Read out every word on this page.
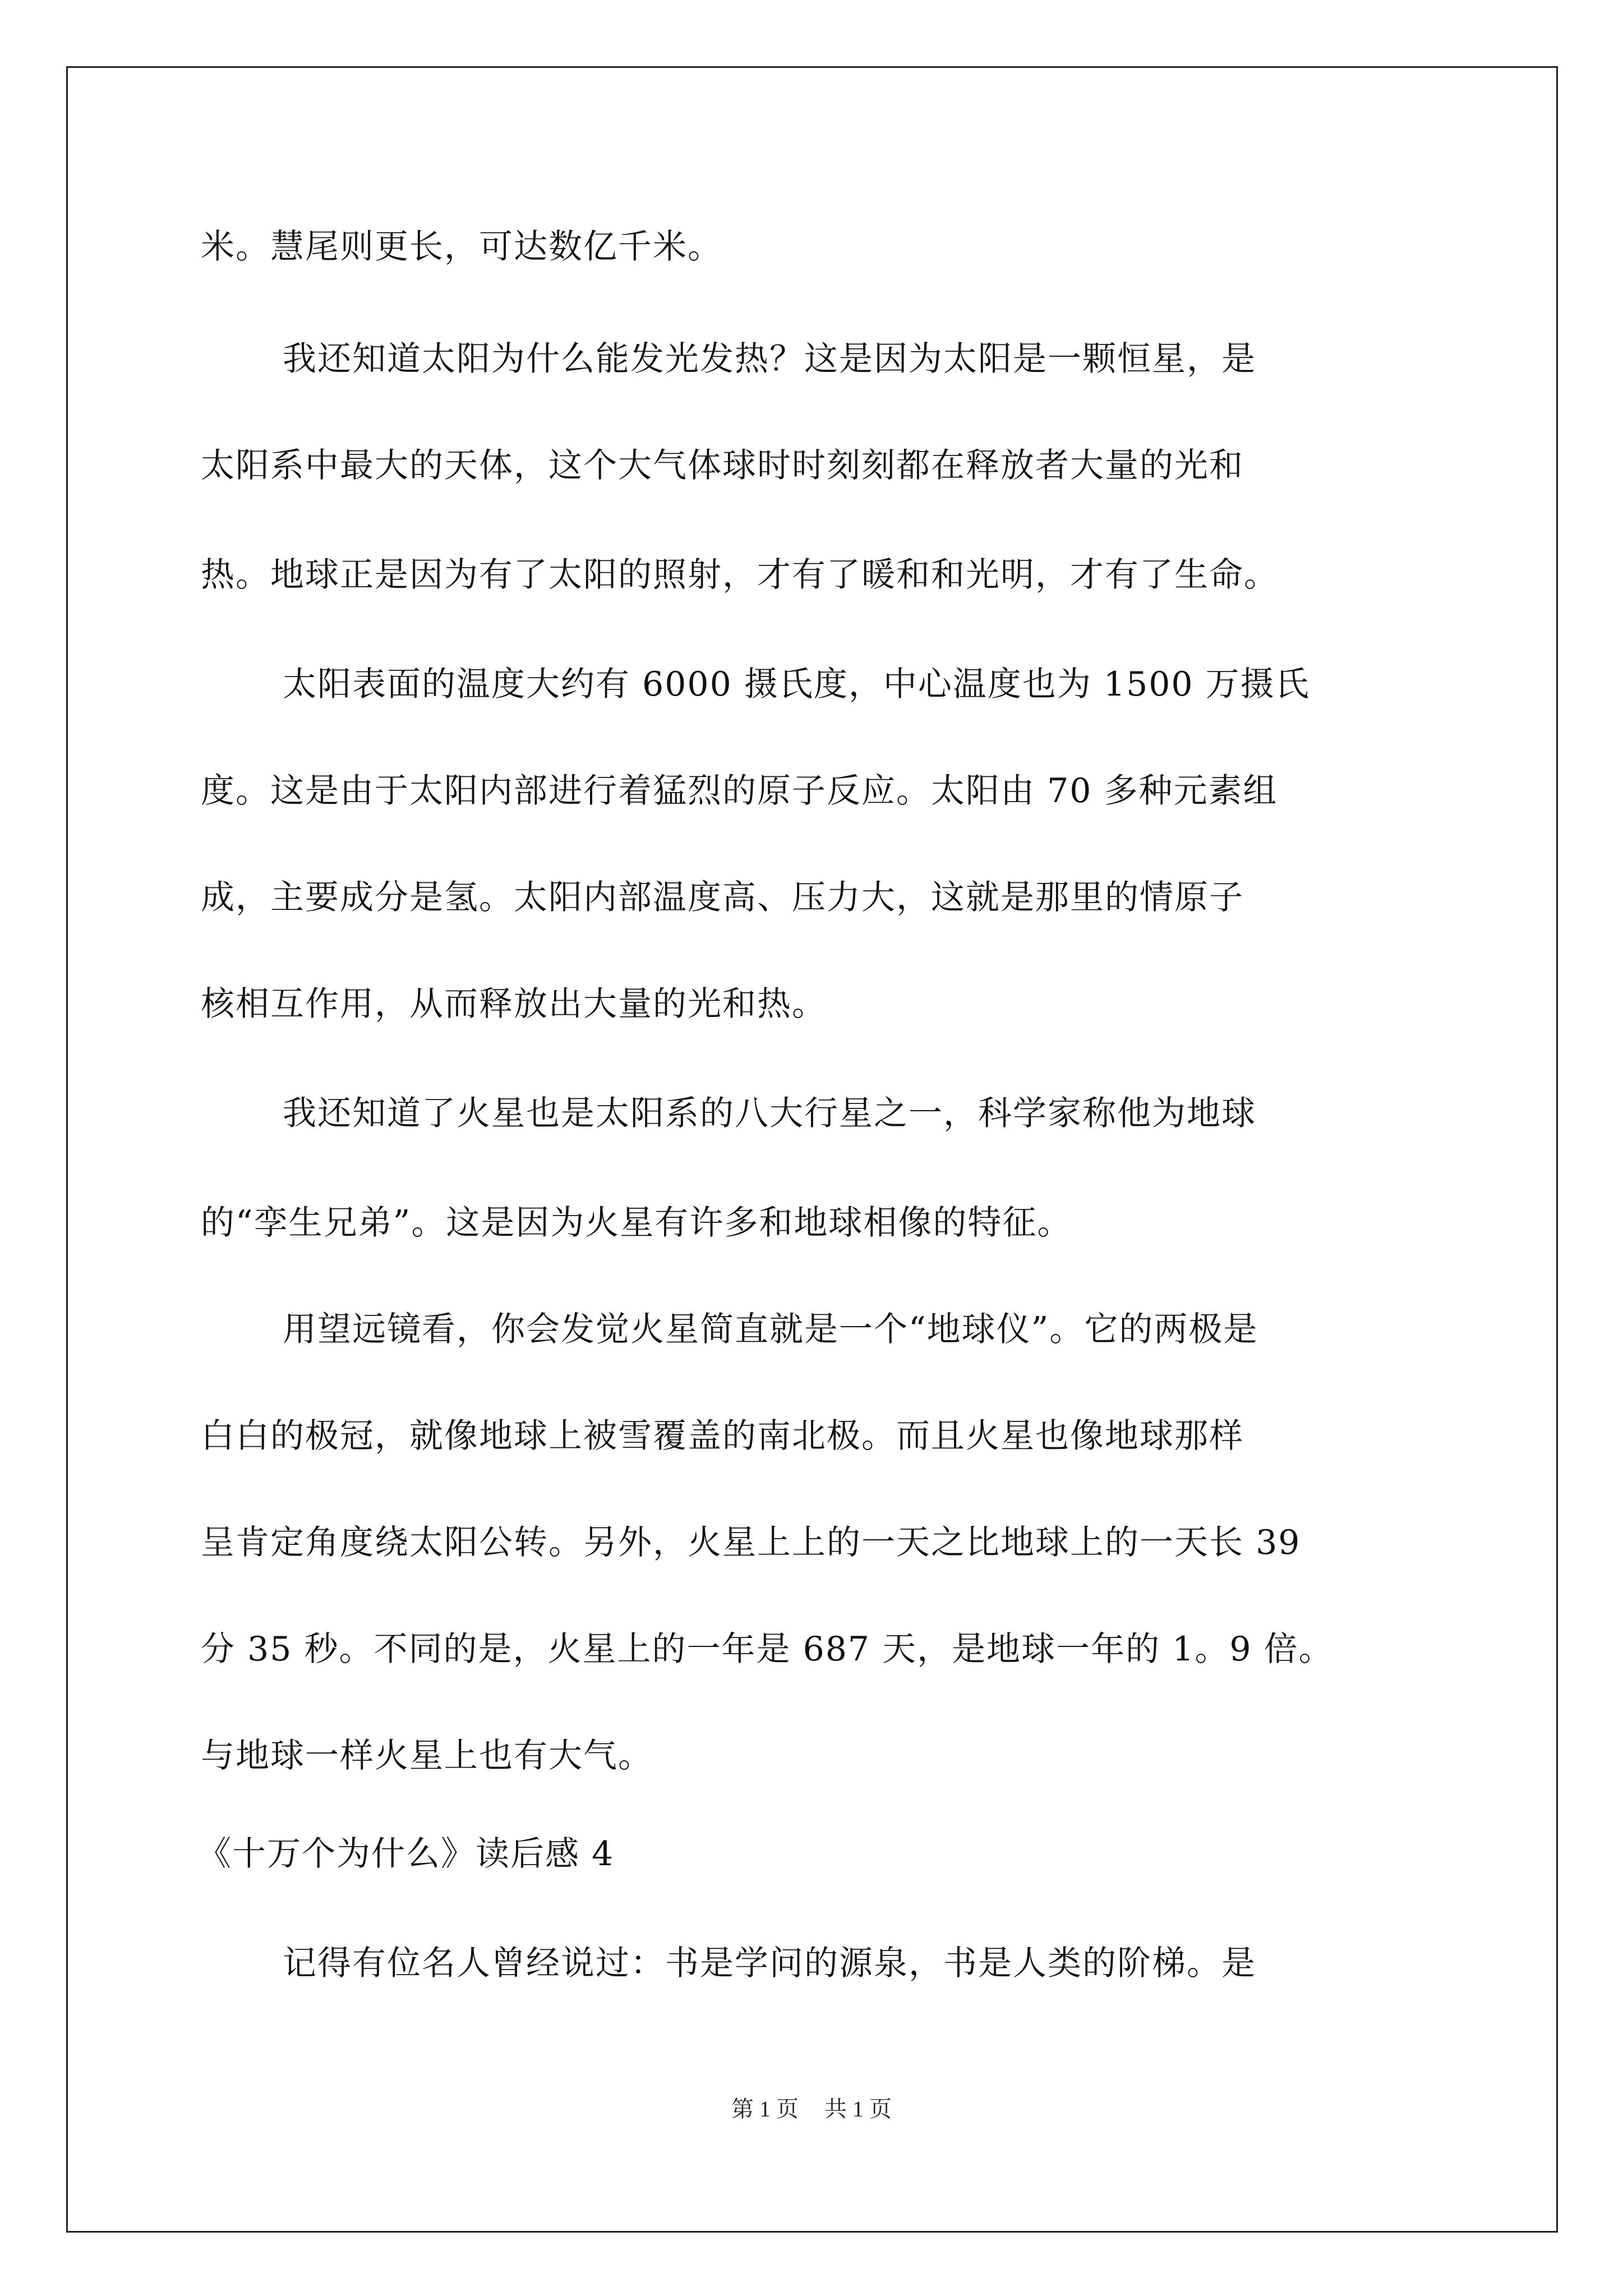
米。慧尾则更长，可达数亿千米。
我还知道太阳为什么能发光发热？这是因为太阳是一颗恒星，是
太阳系中最大的天体，这个大气体球时时刻刻都在释放者大量的光和
热。地球正是因为有了太阳的照射，才有了暖和和光明，才有了生命。
太阳表面的温度大约有 6000 摄氏度，中心温度也为 1500 万摄氏
度。这是由于太阳内部进行着猛烈的原子反应。太阳由 70 多种元素组
成，主要成分是氢。太阳内部温度高、压力大，这就是那里的情原子
核相互作用，从而释放出大量的光和热。
我还知道了火星也是太阳系的八大行星之一，科学家称他为地球
的“孪生兄弟”。这是因为火星有许多和地球相像的特征。
用望远镜看，你会发觉火星简直就是一个“地球仪”。它的两极是
白白的极冠，就像地球上被雪覆盖的南北极。而且火星也像地球那样
呈肯定角度绕太阳公转。另外，火星上上的一天之比地球上的一天长 39
分 35 秒。不同的是，火星上的一年是 687 天，是地球一年的 1。9 倍。
与地球一样火星上也有大气。
《十万个为什么》读后感 4
记得有位名人曾经说过：书是学问的源泉，书是人类的阶梯。是
第 1 页 共 1 页
